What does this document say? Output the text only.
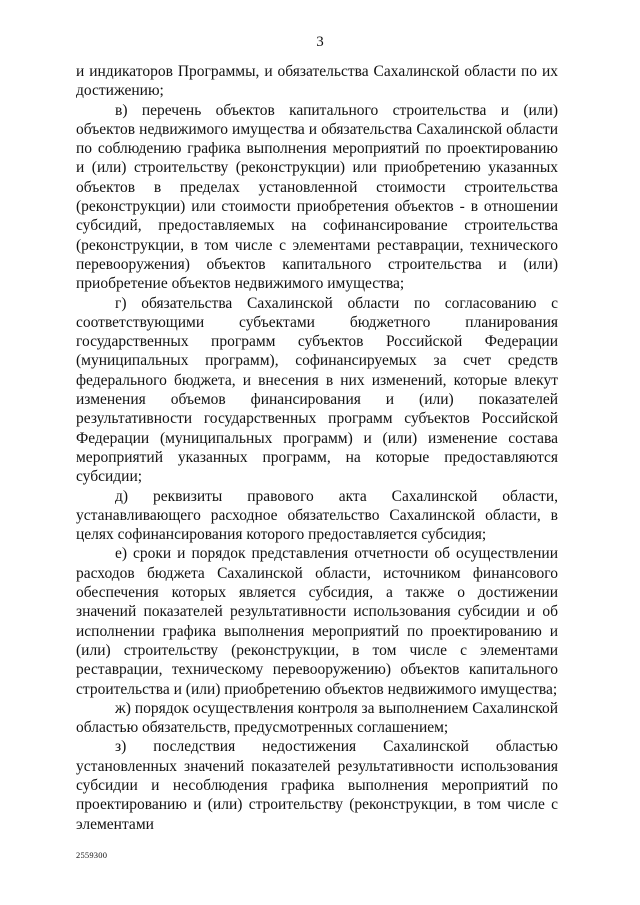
3

и индикаторов Программы, и обязательства Сахалинской области по их достижению;

в) перечень объектов капитального строительства и (или) объектов недвижимого имущества и обязательства Сахалинской области по соблюдению графика выполнения мероприятий по проектированию и (или) строительству (реконструкции) или приобретению указанных объектов в пределах установленной стоимости строительства (реконструкции) или стоимости приобретения объектов - в отношении субсидий, предоставляемых на софинансирование строительства (реконструкции, в том числе с элементами реставрации, технического перевооружения) объектов капитального строительства и (или) приобретение объектов недвижимого имущества;

г) обязательства Сахалинской области по согласованию с соответствующими субъектами бюджетного планирования государственных программ субъектов Российской Федерации (муниципальных программ), софинансируемых за счет средств федерального бюджета, и внесения в них изменений, которые влекут изменения объемов финансирования и (или) показателей результативности государственных программ субъектов Российской Федерации (муниципальных программ) и (или) изменение состава мероприятий указанных программ, на которые предоставляются субсидии;

д) реквизиты правового акта Сахалинской области, устанавливающего расходное обязательство Сахалинской области, в целях софинансирования которого предоставляется субсидия;

е) сроки и порядок представления отчетности об осуществлении расходов бюджета Сахалинской области, источником финансового обеспечения которых является субсидия, а также о достижении значений показателей результативности использования субсидии и об исполнении графика выполнения мероприятий по проектированию и (или) строительству (реконструкции, в том числе с элементами реставрации, техническому перевооружению) объектов капитального строительства и (или) приобретению объектов недвижимого имущества;

ж) порядок осуществления контроля за выполнением Сахалинской областью обязательств, предусмотренных соглашением;

з) последствия недостижения Сахалинской областью установленных значений показателей результативности использования субсидии и несоблюдения графика выполнения мероприятий по проектированию и (или) строительству (реконструкции, в том числе с элементами

2559300
